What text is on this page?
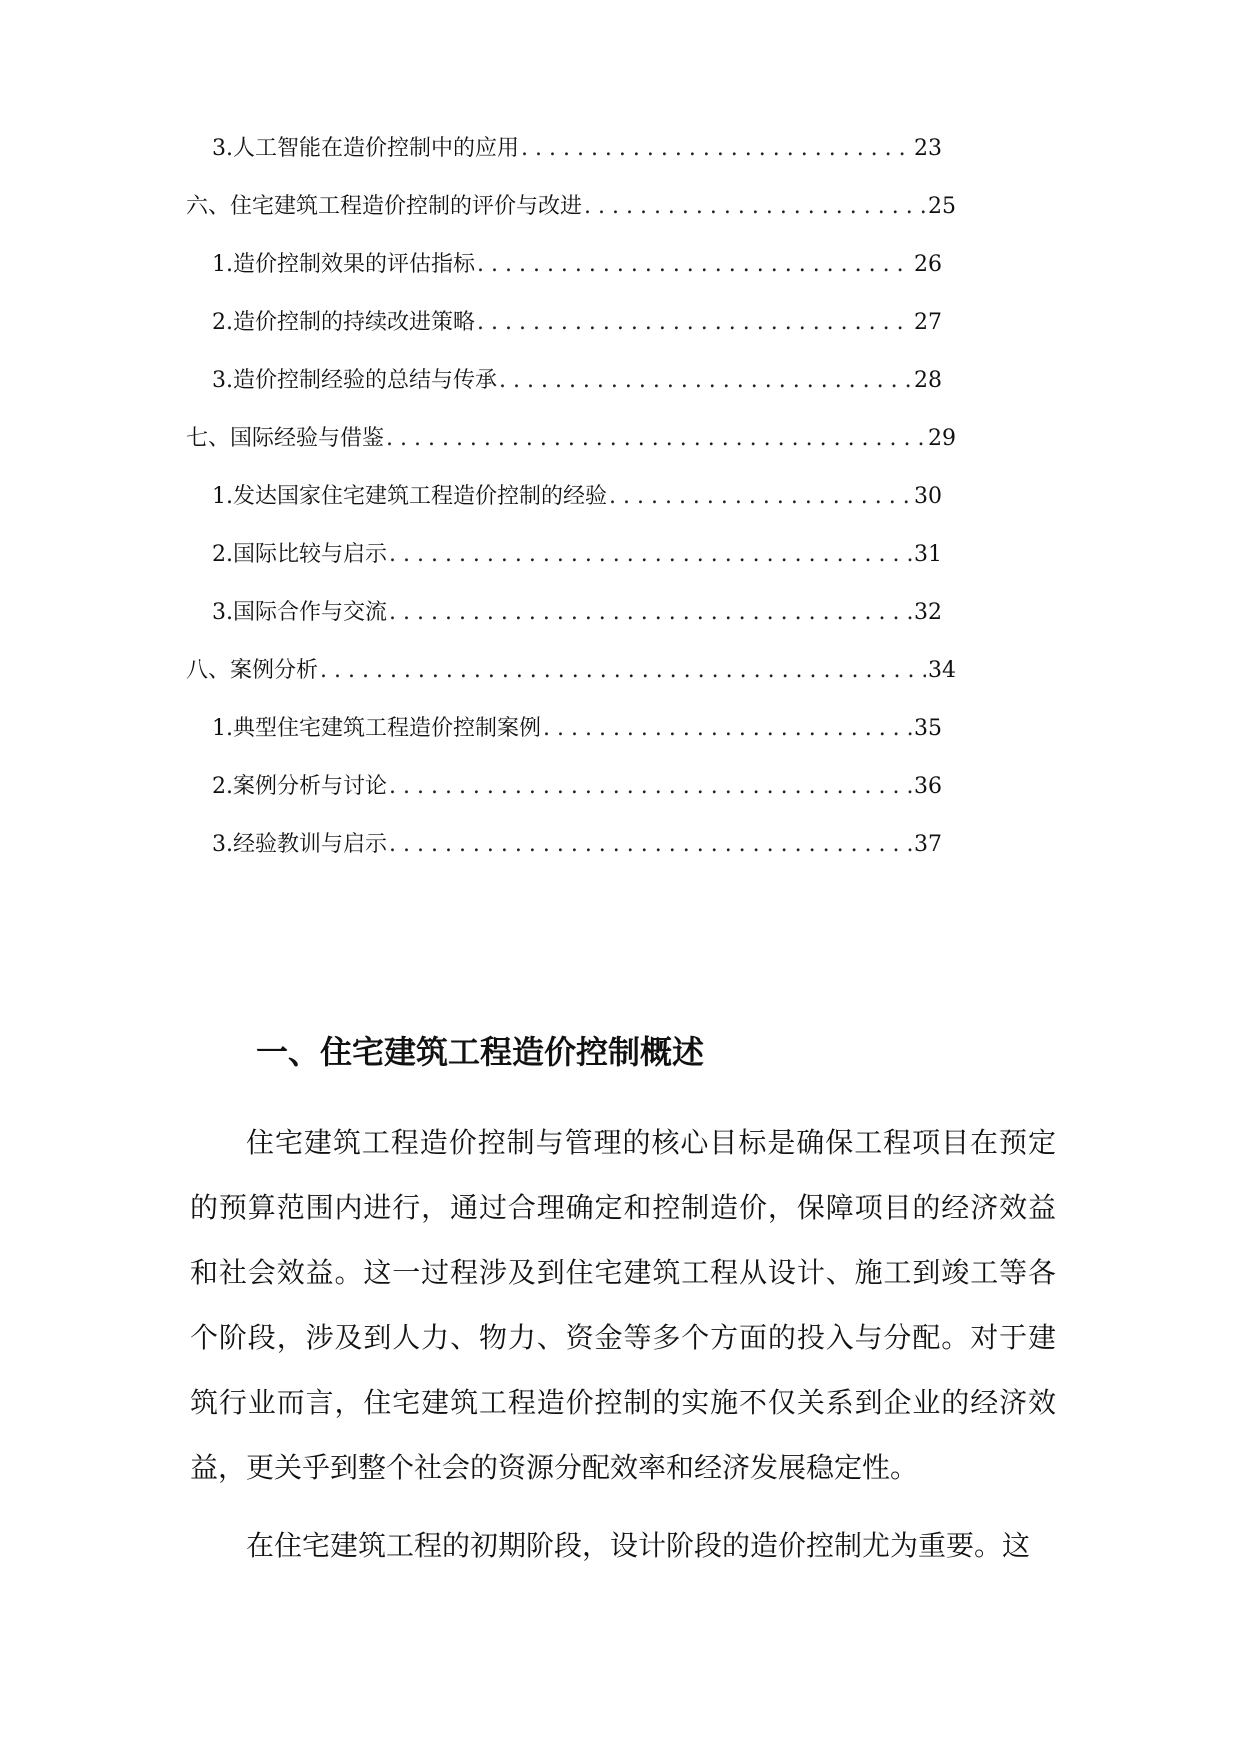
3. 人工智能在造价控制中的应用 . . .	23
六、住宅建筑工程造价控制的评价与改进 . . .	25
1. 造价控制效果的评估指标 . . .	26
2. 造价控制的持续改进策略 . . .	27
3. 造价控制经验的总结与传承 . . .	28
七、国际经验与借鉴 . . .	29
1. 发达国家住宅建筑工程造价控制的经验 . . .	30
2. 国际比较与启示 . . .	31
3. 国际合作与交流 . . .	32
八、案例分析 . . .	34
1. 典型住宅建筑工程造价控制案例 . . .	35
2. 案例分析与讨论 . . .	36
3. 经验教训与启示 . . .	37
一、住宅建筑工程造价控制概述

住宅建筑工程造价控制与管理的核心目标是确保工程项目在预定的预算范围内进行，通过合理确定和控制造价，保障项目的经济效益和社会效益。这一过程涉及到住宅建筑工程从设计、施工到竣工等各个阶段，涉及到人力、物力、资金等多个方面的投入与分配。对于建筑行业而言，住宅建筑工程造价控制的实施不仅关系到企业的经济效益，更关乎到整个社会的资源分配效率和经济发展稳定性。

在住宅建筑工程的初期阶段，设计阶段的造价控制尤为重要。这
